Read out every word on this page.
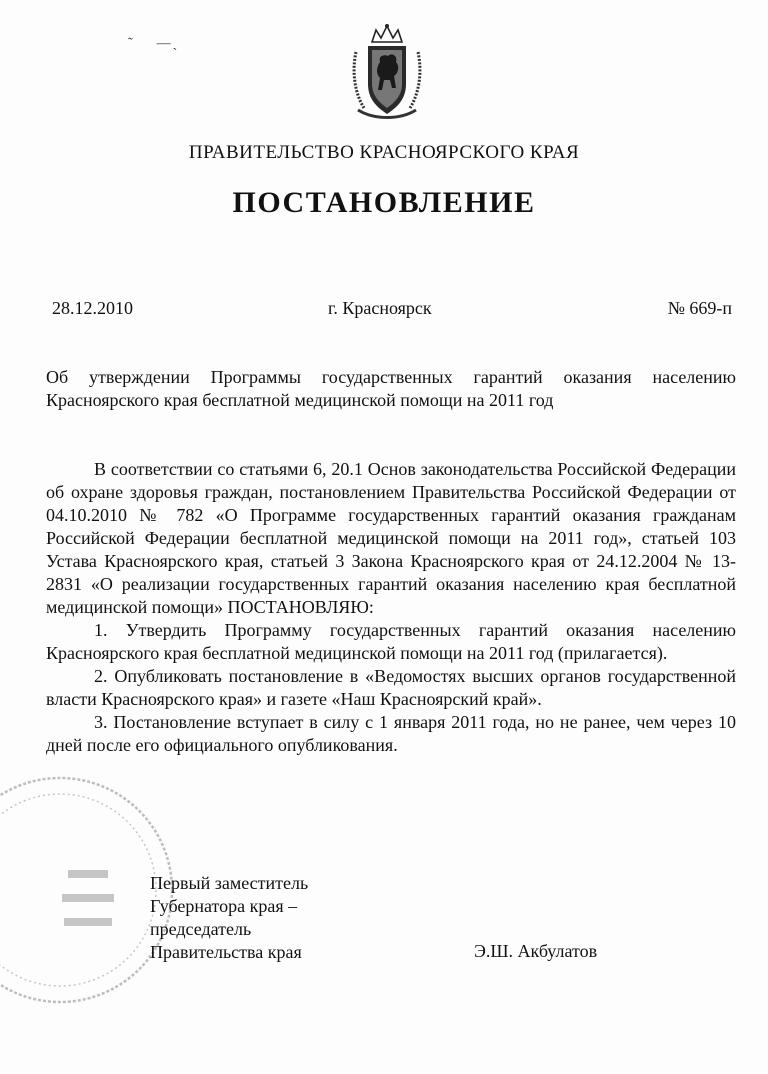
˜    —ˎ
ПРАВИТЕЛЬСТВО КРАСНОЯРСКОГО КРАЯ
ПОСТАНОВЛЕНИЕ
28.12.2010	г. Красноярск	№ 669-п
Об утверждении Программы государственных гарантий оказания населению Красноярского края бесплатной медицинской помощи на 2011 год

В соответствии со статьями 6, 20.1 Основ законодательства Российской Федерации об охране здоровья граждан, постановлением Правительства Российской Федерации от 04.10.2010 № 782 «О Программе государственных гарантий оказания гражданам Российской Федерации бесплатной медицинской помощи на 2011 год», статьей 103 Устава Красноярского края, статьей 3 Закона Красноярского края от 24.12.2004 № 13-2831 «О реализации государственных гарантий оказания населению края бесплатной медицинской помощи» ПОСТАНОВЛЯЮ:

1. Утвердить Программу государственных гарантий оказания населению Красноярского края бесплатной медицинской помощи на 2011 год (прилагается).

2. Опубликовать постановление в «Ведомостях высших органов государственной власти Красноярского края» и газете «Наш Красноярский край».

3. Постановление вступает в силу с 1 января 2011 года, но не ранее, чем через 10 дней после его официального опубликования.

Первый заместитель
Губернатора края –
председатель
Правительства края	Э.Ш. Акбулатов
